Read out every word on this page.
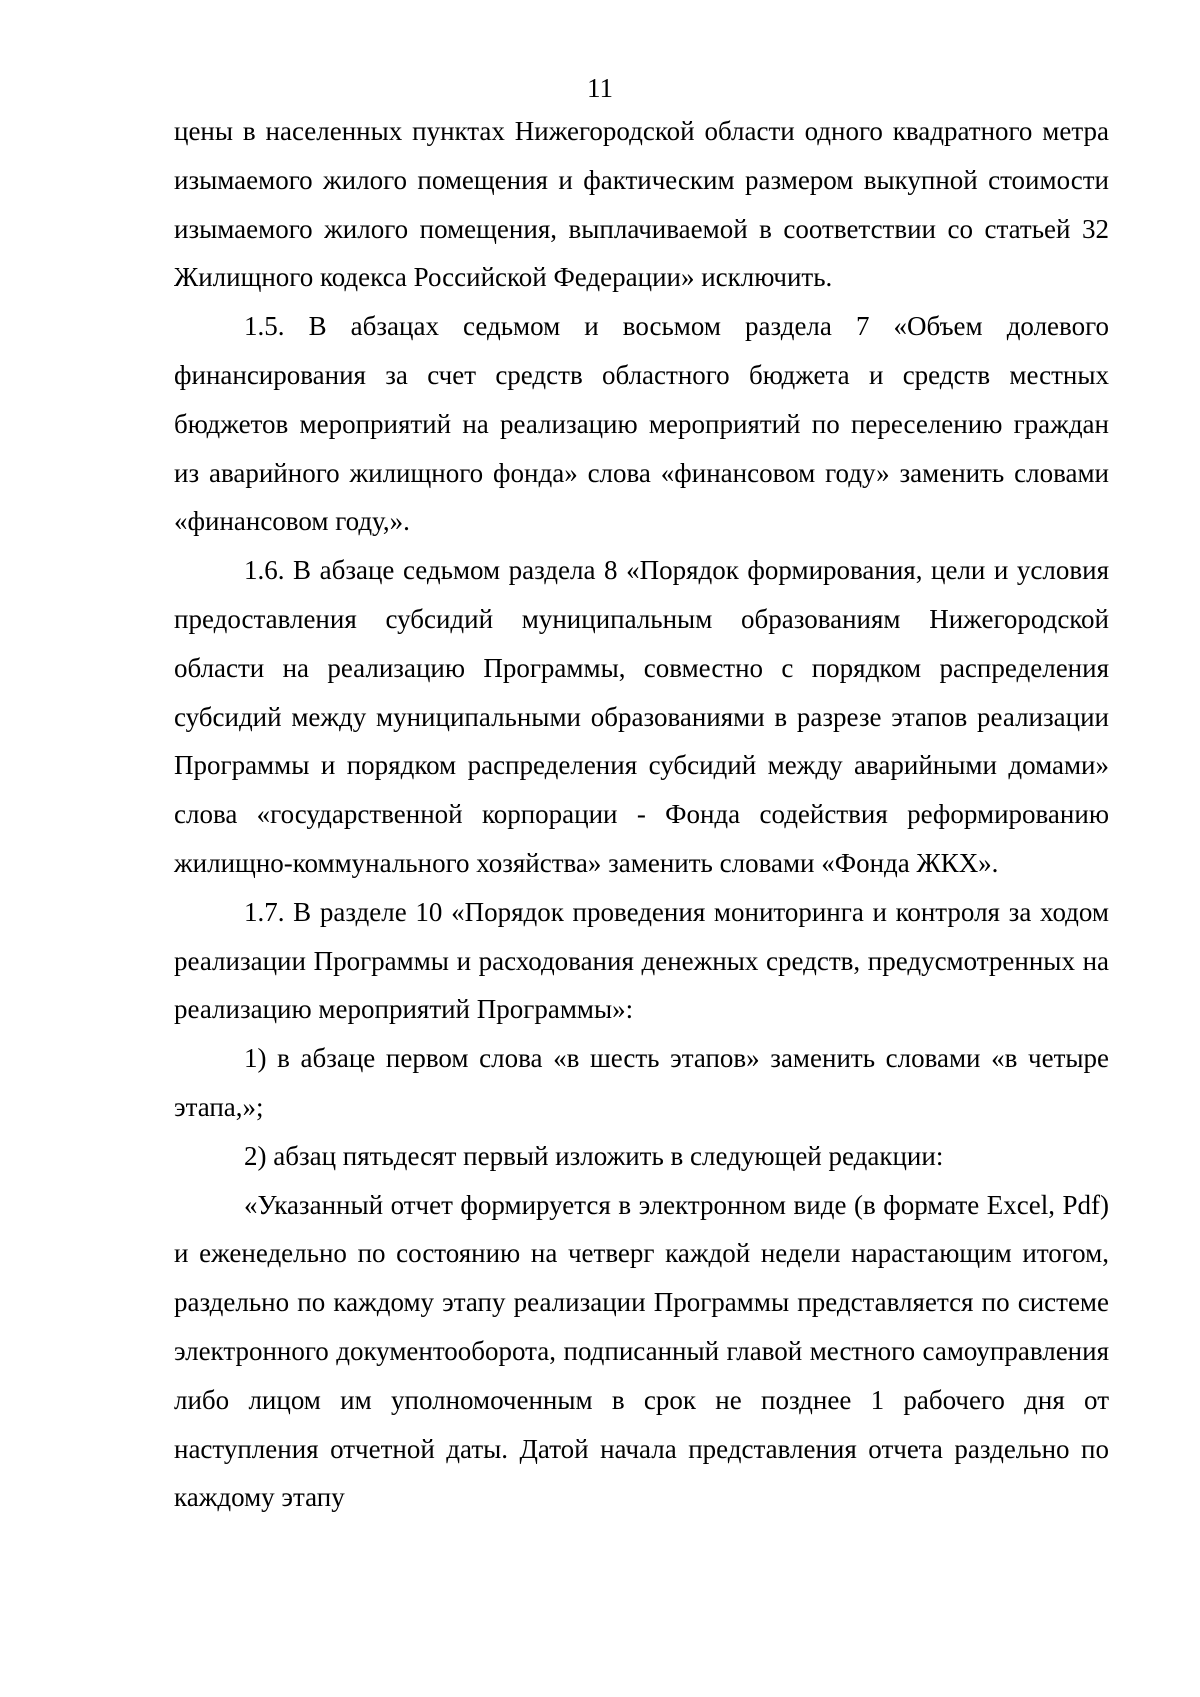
11

цены в населенных пунктах Нижегородской области одного квадратного метра изымаемого жилого помещения и фактическим размером выкупной стоимости изымаемого жилого помещения, выплачиваемой в соответствии со статьей 32 Жилищного кодекса Российской Федерации» исключить.

1.5. В абзацах седьмом и восьмом раздела 7 «Объем долевого финансирования за счет средств областного бюджета и средств местных бюджетов мероприятий на реализацию мероприятий по переселению граждан из аварийного жилищного фонда» слова «финансовом году» заменить словами «финансовом году,».

1.6. В абзаце седьмом раздела 8 «Порядок формирования, цели и условия предоставления субсидий муниципальным образованиям Нижегородской области на реализацию Программы, совместно с порядком распределения субсидий между муниципальными образованиями в разрезе этапов реализации Программы и порядком распределения субсидий между аварийными домами» слова «государственной корпорации - Фонда содействия реформированию жилищно-коммунального хозяйства» заменить словами «Фонда ЖКХ».

1.7. В разделе 10 «Порядок проведения мониторинга и контроля за ходом реализации Программы и расходования денежных средств, предусмотренных на реализацию мероприятий Программы»:

1) в абзаце первом слова «в шесть этапов» заменить словами «в четыре этапа,»;

2) абзац пятьдесят первый изложить в следующей редакции:

«Указанный отчет формируется в электронном виде (в формате Excel, Pdf) и еженедельно по состоянию на четверг каждой недели нарастающим итогом, раздельно по каждому этапу реализации Программы представляется по системе электронного документооборота, подписанный главой местного самоуправления либо лицом им уполномоченным в срок не позднее 1 рабочего дня от наступления отчетной даты. Датой начала представления отчета раздельно по каждому этапу
